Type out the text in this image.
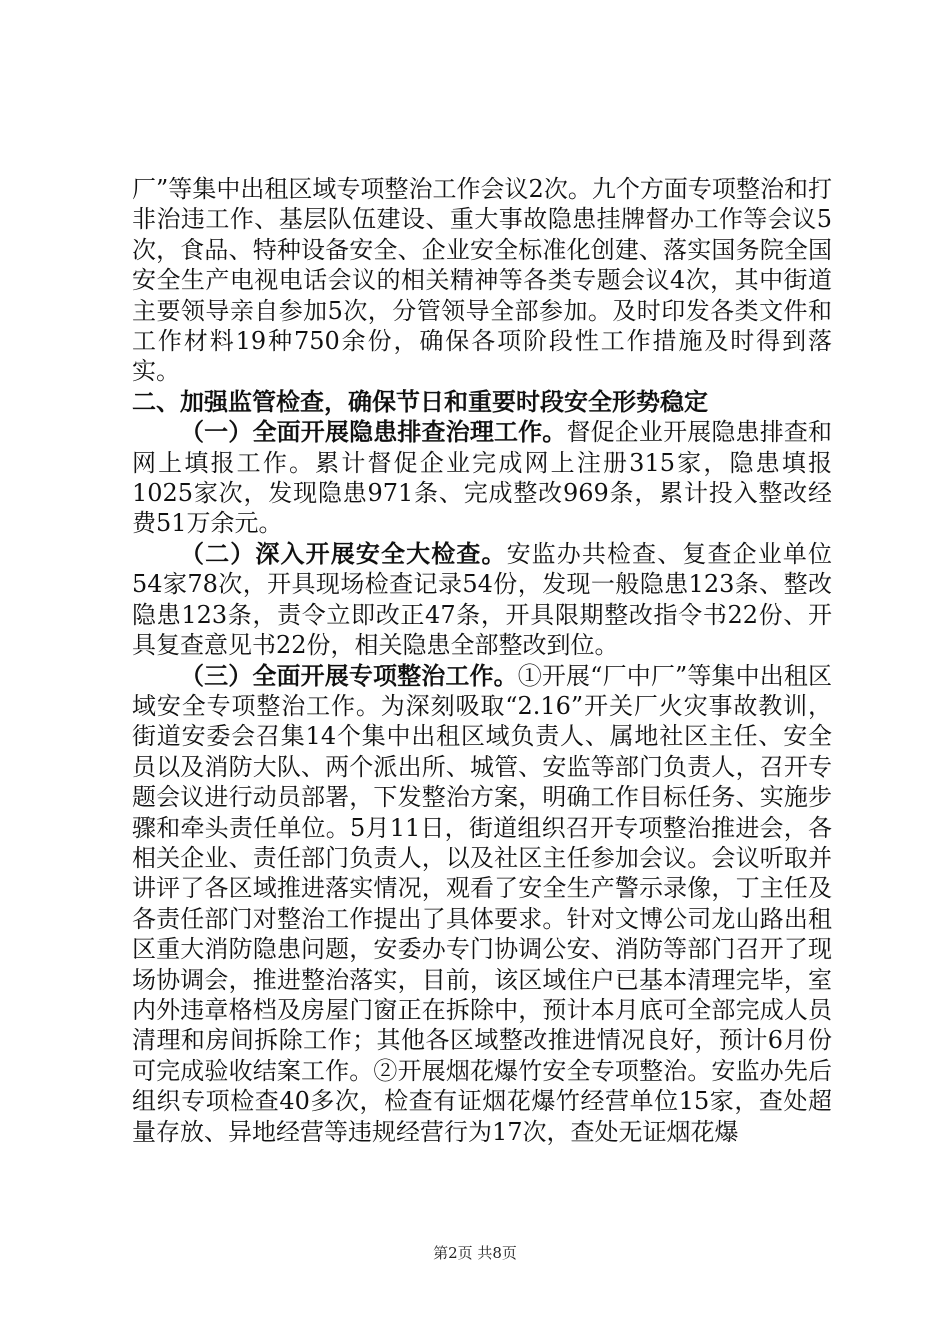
厂”等集中出租区域专项整治工作会议2次。九个方面专项整治和打非治违工作、基层队伍建设、重大事故隐患挂牌督办工作等会议5次，食品、特种设备安全、企业安全标准化创建、落实国务院全国安全生产电视电话会议的相关精神等各类专题会议4次，其中街道主要领导亲自参加5次，分管领导全部参加。及时印发各类文件和工作材料19种750余份，确保各项阶段性工作措施及时得到落实。

二、加强监管检查，确保节日和重要时段安全形势稳定

（一）全面开展隐患排查治理工作。督促企业开展隐患排查和网上填报工作。累计督促企业完成网上注册315家，隐患填报1025家次，发现隐患971条、完成整改969条，累计投入整改经费51万余元。

（二）深入开展安全大检查。安监办共检查、复查企业单位54家78次，开具现场检查记录54份，发现一般隐患123条、整改隐患123条，责令立即改正47条，开具限期整改指令书22份、开具复查意见书22份，相关隐患全部整改到位。

（三）全面开展专项整治工作。①开展“厂中厂”等集中出租区域安全专项整治工作。为深刻吸取“2.16”开关厂火灾事故教训，街道安委会召集14个集中出租区域负责人、属地社区主任、安全员以及消防大队、两个派出所、城管、安监等部门负责人，召开专题会议进行动员部署，下发整治方案，明确工作目标任务、实施步骤和牵头责任单位。5月11日，街道组织召开专项整治推进会，各相关企业、责任部门负责人，以及社区主任参加会议。会议听取并讲评了各区域推进落实情况，观看了安全生产警示录像，丁主任及各责任部门对整治工作提出了具体要求。针对文博公司龙山路出租区重大消防隐患问题，安委办专门协调公安、消防等部门召开了现场协调会，推进整治落实，目前，该区域住户已基本清理完毕，室内外违章格档及房屋门窗正在拆除中，预计本月底可全部完成人员清理和房间拆除工作；其他各区域整改推进情况良好，预计6月份可完成验收结案工作。②开展烟花爆竹安全专项整治。安监办先后组织专项检查40多次，检查有证烟花爆竹经营单位15家，查处超量存放、异地经营等违规经营行为17次，查处无证烟花爆

第2页 共8页
